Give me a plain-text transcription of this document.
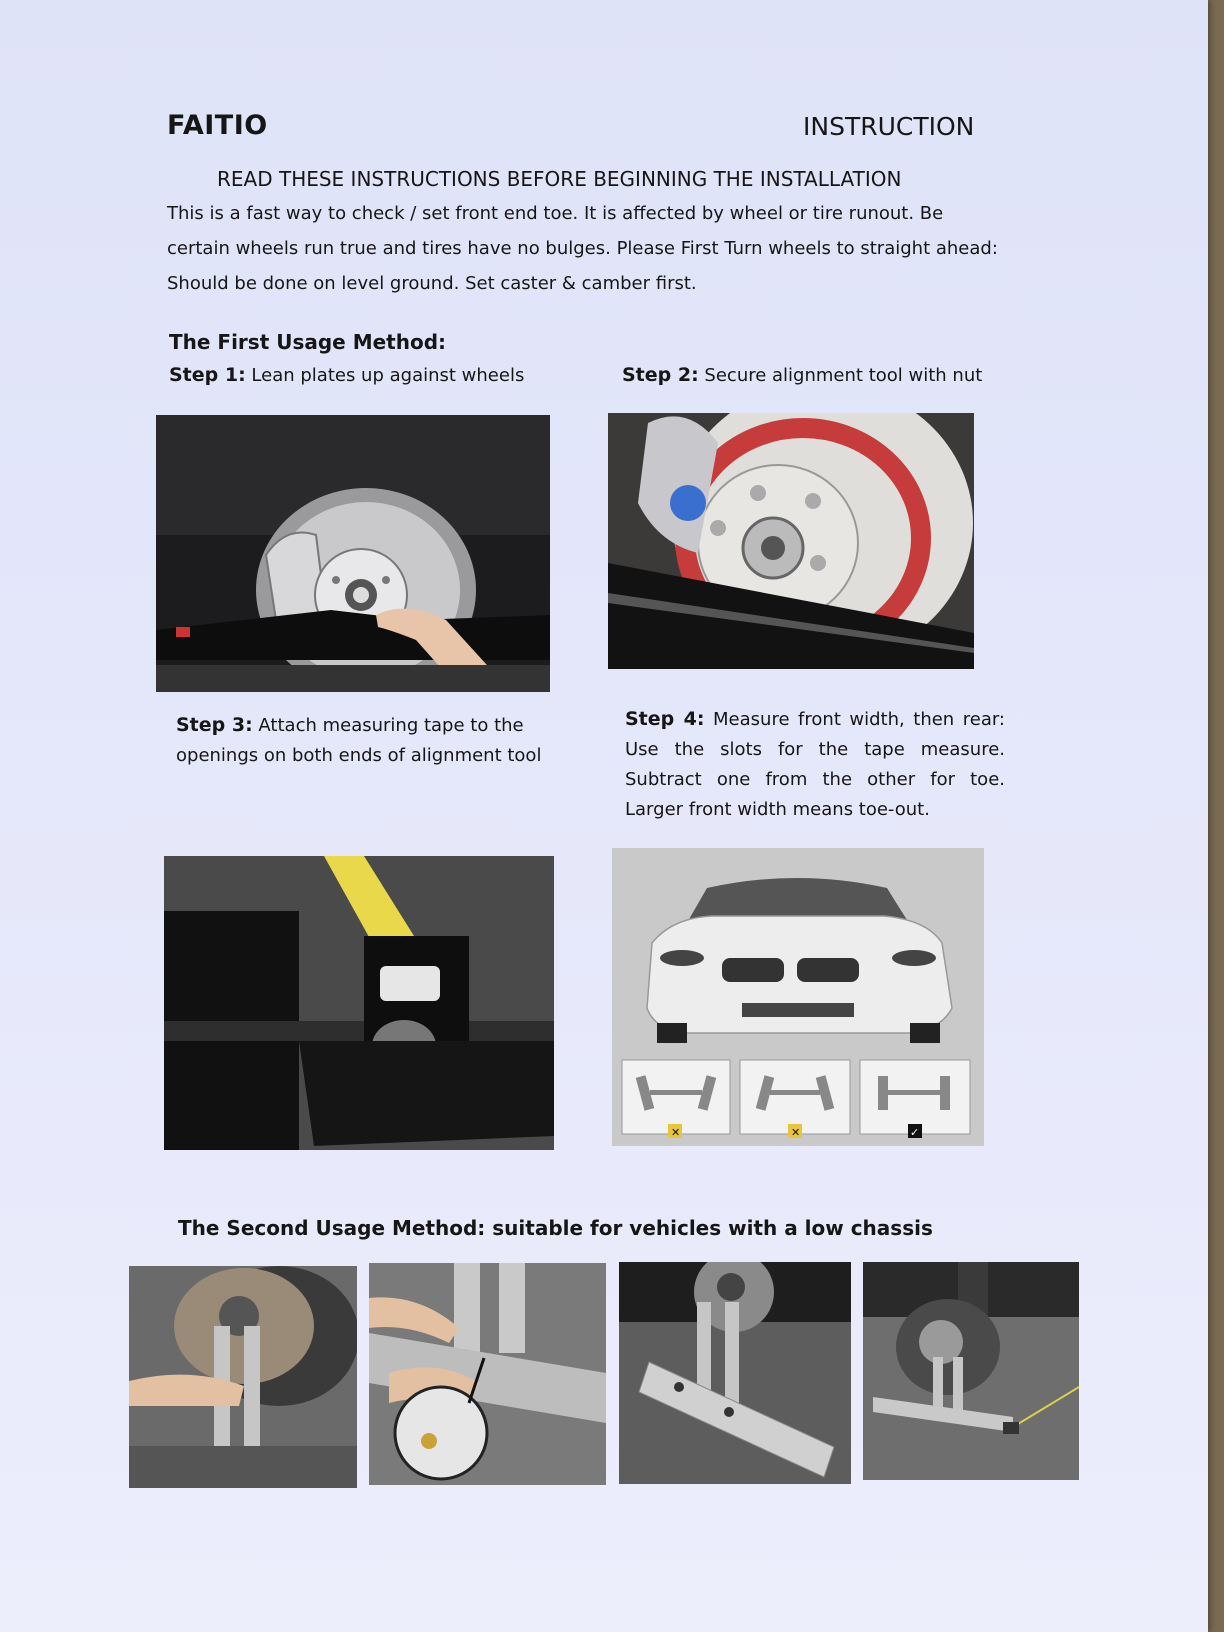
FAITIO	INSTRUCTION
READ THESE INSTRUCTIONS BEFORE BEGINNING THE INSTALLATION
This is a fast way to check / set front end toe. It is affected by wheel or tire runout. Be certain wheels run true and tires have no bulges. Please First Turn wheels to straight ahead: Should be done on level ground. Set caster & camber first.
The First Usage Method:
Step 1: Lean plates up against wheels	Step 2: Secure alignment tool with nut
Step 3: Attach measuring tape to the openings on both ends of alignment tool
Step 4: Measure front width, then rear: Use the slots for the tape measure. Subtract one from the other for toe. Larger front width means toe-out.
✕	✕	✓
The Second Usage Method: suitable for vehicles with a low chassis
